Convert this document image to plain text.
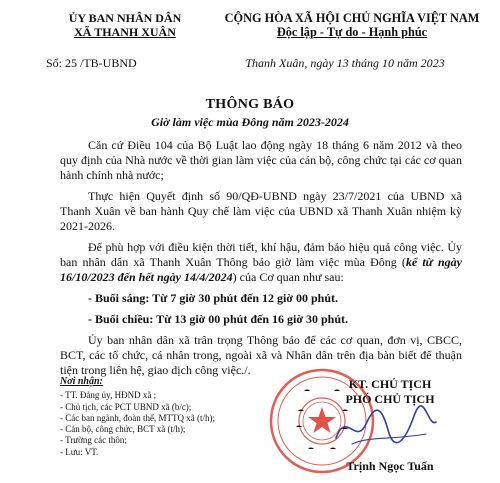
ỦY BAN NHÂN DÂN
XÃ THANH XUÂN
CỘNG HÒA XÃ HỘI CHỦ NGHĨA VIỆT NAM
Độc lập - Tự do - Hạnh phúc
Số: 25 /TB-UBND	Thanh Xuân, ngày 13 tháng 10 năm 2023
THÔNG BÁO
Giờ làm việc mùa Đông năm 2023-2024

Căn cứ Điều 104 của Bộ Luật lao động ngày 18 tháng 6 năm 2012 và theo quy định của Nhà nước về thời gian làm việc của cán bộ, công chức tại các cơ quan hành chính nhà nước;

Thực hiện Quyết định số 90/QĐ-UBND ngày 23/7/2021 của UBND xã Thanh Xuân về ban hành Quy chế làm việc của UBND xã Thanh Xuân nhiệm kỳ 2021-2026.

Để phù hợp với điều kiện thời tiết, khí hậu, đảm bảo hiệu quả công việc. Ủy ban nhân dân xã Thanh Xuân Thông báo giờ làm việc mùa Đông (kể từ ngày 16/10/2023 đến hết ngày 14/4/2024) của Cơ quan như sau:

- Buổi sáng: Từ 7 giờ 30 phút đến 12 giờ 00 phút.
- Buổi chiều: Từ 13 giờ 00 phút đến 16 giờ 30 phút.

Ủy ban nhân dân xã trân trọng Thông báo để các cơ quan, đơn vị, CBCC, BCT, các tổ chức, cá nhân trong, ngoài xã và Nhân dân trên địa bàn biết để thuận tiện trong liên hệ, giao dịch công việc./.

Nơi nhận:
- TT. Đảng ủy, HĐND xã ;
- Chủ tịch, các PCT UBND xã (b/c);
- Các ban ngành, đoàn thể, MTTQ xã (t/h);
- Cán bộ, công chức, BCT xã (t/h);
- Trường các thôn;
- Lưu: VT.
KT. CHỦ TỊCH
PHÓ CHỦ TỊCH
Trịnh Ngọc Tuấn
